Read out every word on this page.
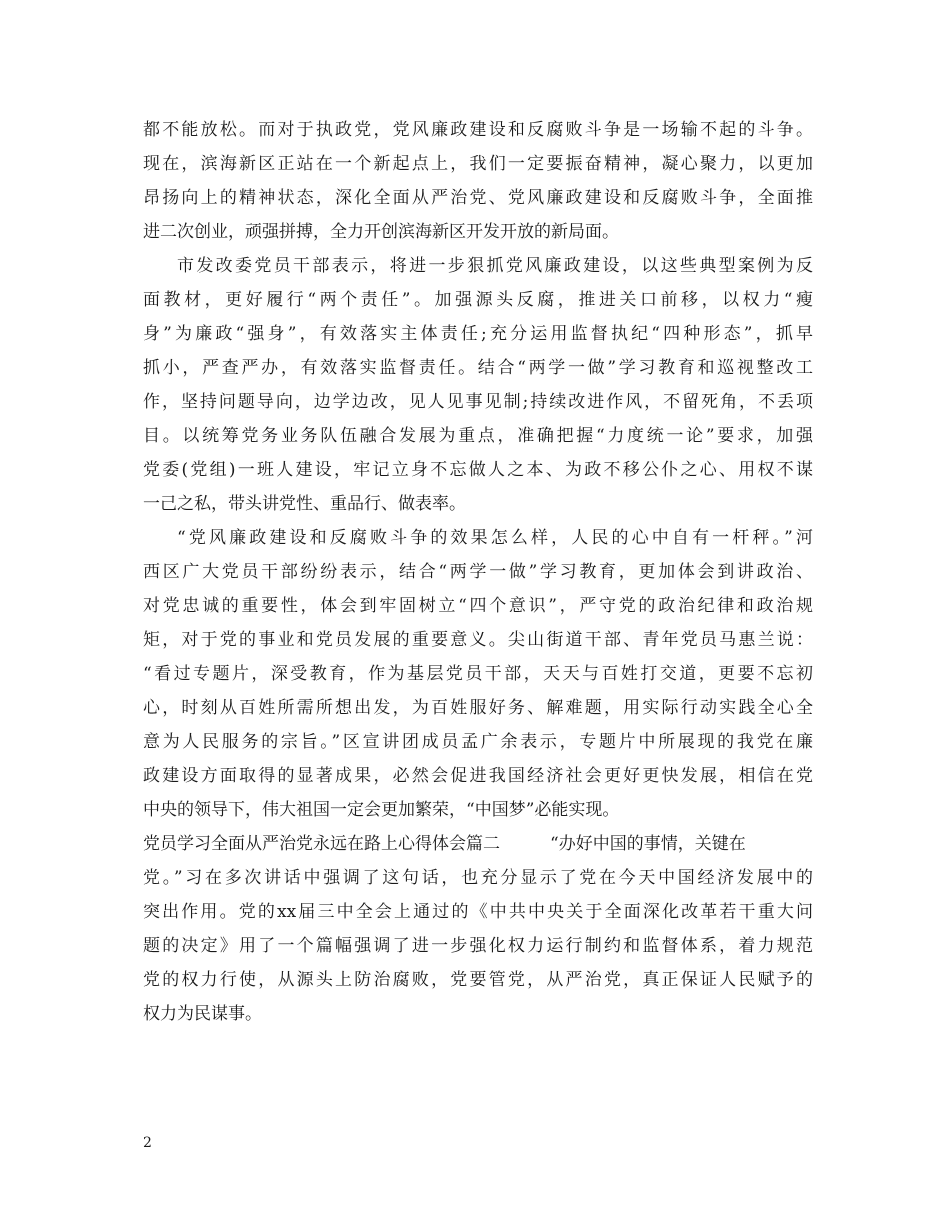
都不能放松。而对于执政党，党风廉政建设和反腐败斗争是一场输不起的斗争。
现在，滨海新区正站在一个新起点上，我们一定要振奋精神，凝心聚力，以更加
昂扬向上的精神状态，深化全面从严治党、党风廉政建设和反腐败斗争，全面推
进二次创业，顽强拼搏，全力开创滨海新区开发开放的新局面。
市发改委党员干部表示，将进一步狠抓党风廉政建设，以这些典型案例为反
面教材，更好履行“两个责任”。加强源头反腐，推进关口前移，以权力“瘦
身”为廉政“强身”，有效落实主体责任;充分运用监督执纪“四种形态”，抓早
抓小，严查严办，有效落实监督责任。结合“两学一做”学习教育和巡视整改工
作，坚持问题导向，边学边改，见人见事见制;持续改进作风，不留死角，不丢项
目。以统筹党务业务队伍融合发展为重点，准确把握“力度统一论”要求，加强
党委(党组)一班人建设，牢记立身不忘做人之本、为政不移公仆之心、用权不谋
一己之私，带头讲党性、重品行、做表率。
“党风廉政建设和反腐败斗争的效果怎么样，人民的心中自有一杆秤。”河
西区广大党员干部纷纷表示，结合“两学一做”学习教育，更加体会到讲政治、
对党忠诚的重要性，体会到牢固树立“四个意识”，严守党的政治纪律和政治规
矩，对于党的事业和党员发展的重要意义。尖山街道干部、青年党员马惠兰说：
“看过专题片，深受教育，作为基层党员干部，天天与百姓打交道，更要不忘初
心，时刻从百姓所需所想出发，为百姓服好务、解难题，用实际行动实践全心全
意为人民服务的宗旨。”区宣讲团成员孟广余表示，专题片中所展现的我党在廉
政建设方面取得的显著成果，必然会促进我国经济社会更好更快发展，相信在党
中央的领导下，伟大祖国一定会更加繁荣，“中国梦”必能实现。
党员学习全面从严治党永远在路上心得体会篇二	“办好中国的事情，关键在
党。”习在多次讲话中强调了这句话，也充分显示了党在今天中国经济发展中的
突出作用。党的xx届三中全会上通过的《中共中央关于全面深化改革若干重大问
题的决定》用了一个篇幅强调了进一步强化权力运行制约和监督体系，着力规范
党的权力行使，从源头上防治腐败，党要管党，从严治党，真正保证人民赋予的
权力为民谋事。
2
